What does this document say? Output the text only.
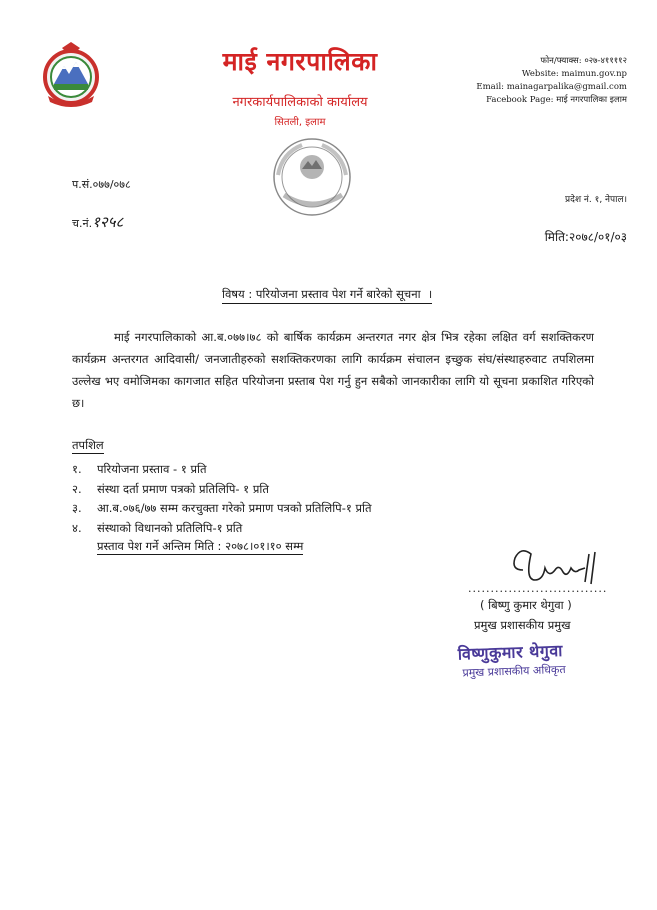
माई नगरपालिका
नगरकार्यपालिकाको कार्यालय
सितली, इलाम
फोन/फ्याक्स: ०२७-४११११२
Website: maimun.gov.np
Email: mainagarpalika@gmail.com
Facebook Page: माई नगरपालिका इलाम
प.सं.०७७/०७८
च.नं.१२५८
प्रदेश नं. १, नेपाल।
मिति:२०७८/०१/०३
विषय : परियोजना प्रस्ताव पेश गर्ने बारेको सूचना  ।
माई नगरपालिकाको आ.ब.०७७।७८ को बार्षिक कार्यक्रम अन्तरगत नगर क्षेत्र भित्र रहेका लक्षित वर्ग सशक्तिकरण कार्यक्रम अन्तरगत आदिवासी/ जनजातीहरुको सशक्तिकरणका लागि कार्यक्रम संचालन इच्छुक संघ/संस्थाहरुवाट तपशिलमा उल्लेख भए वमोजिमका कागजात सहित परियोजना प्रस्ताब पेश गर्नु हुन सबैको जानकारीका लागि यो सूचना प्रकाशित गरिएको छ।
तपशिल
१. परियोजना प्रस्ताव - १ प्रति
२. संस्था दर्ता प्रमाण पत्रको प्रतिलिपि- १ प्रति
३. आ.ब.०७६/७७ सम्म करचुक्ता गरेको प्रमाण पत्रको प्रतिलिपि-१ प्रति
४. संस्थाको विधानको प्रतिलिपि-१ प्रति
प्रस्ताव पेश गर्ने अन्तिम मिति : २०७८।०१।१० सम्म
...............................
( बिष्णु कुमार थेगुवा )
प्रमुख प्रशासकीय प्रमुख
विष्णुकुमार थेगुवा
प्रमुख प्रशासकीय अधिकृत
